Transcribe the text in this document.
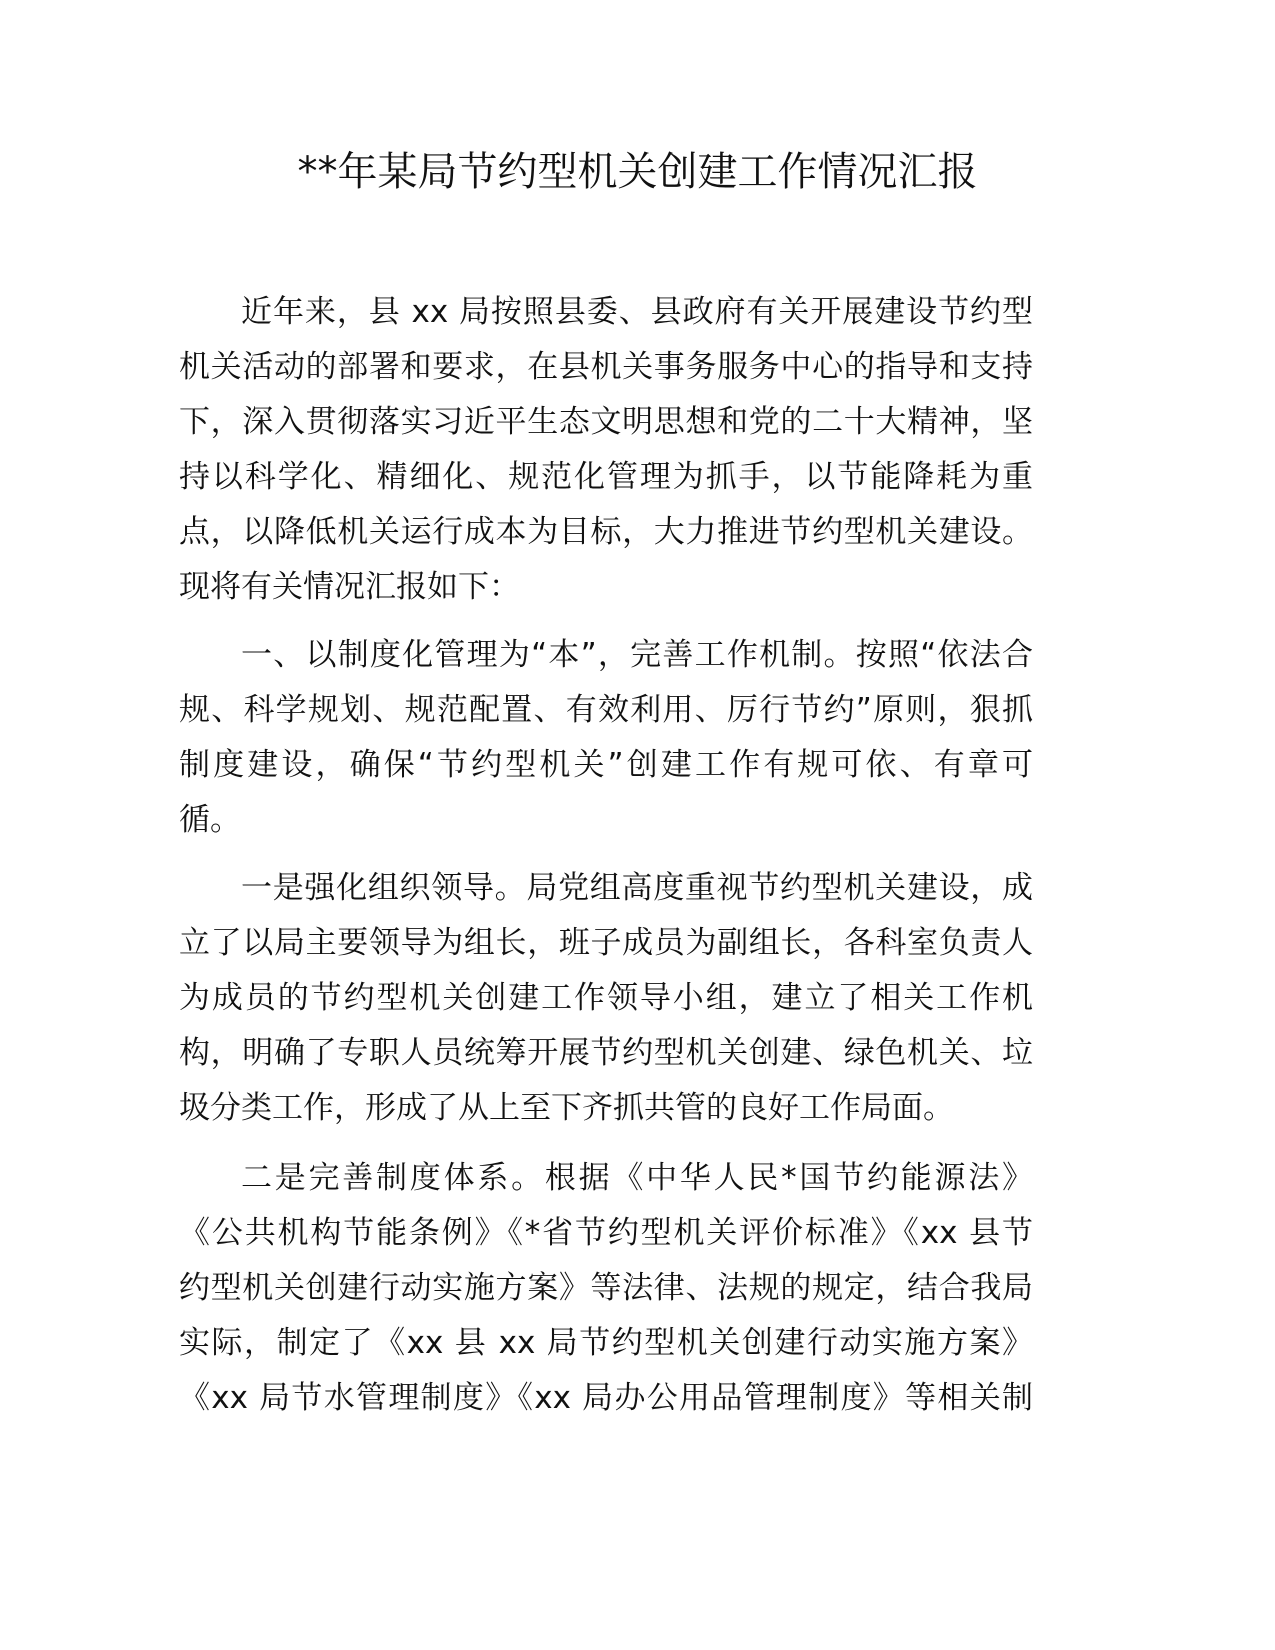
**年某局节约型机关创建工作情况汇报
近年来，县 xx 局按照县委、县政府有关开展建设节约型
机关活动的部署和要求，在县机关事务服务中心的指导和支持
下，深入贯彻落实习近平生态文明思想和党的二十大精神，坚
持以科学化、精细化、规范化管理为抓手，以节能降耗为重
点，以降低机关运行成本为目标，大力推进节约型机关建设。
现将有关情况汇报如下：
一、以制度化管理为“本”，完善工作机制。按照“依法合
规、科学规划、规范配置、有效利用、厉行节约”原则，狠抓
制度建设，确保“节约型机关”创建工作有规可依、有章可
循。
一是强化组织领导。局党组高度重视节约型机关建设，成
立了以局主要领导为组长，班子成员为副组长，各科室负责人
为成员的节约型机关创建工作领导小组，建立了相关工作机
构，明确了专职人员统筹开展节约型机关创建、绿色机关、垃
圾分类工作，形成了从上至下齐抓共管的良好工作局面。
二是完善制度体系。根据《中华人民*国节约能源法》
《公共机构节能条例》《*省节约型机关评价标准》《xx 县节
约型机关创建行动实施方案》等法律、法规的规定，结合我局
实际，制定了《xx 县 xx 局节约型机关创建行动实施方案》
《xx 局节水管理制度》《xx 局办公用品管理制度》等相关制
